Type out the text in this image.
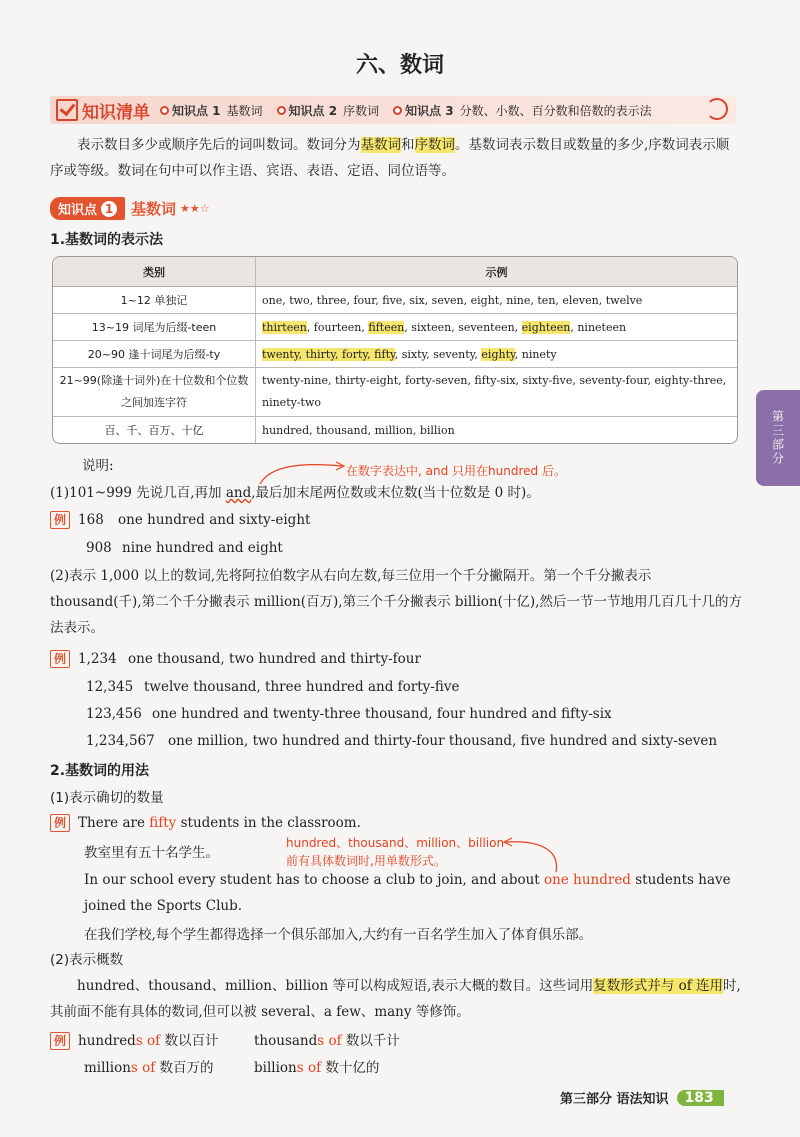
六、数词
知识清单 知识点 1 基数词 知识点 2 序数词 知识点 3 分数、小数、百分数和倍数的表示法
表示数目多少或顺序先后的词叫数词。数词分为基数词和序数词。基数词表示数目或数量的多少,序数词表示顺序或等级。数词在句中可以作主语、宾语、表语、定语、同位语等。
知识点 1 基数词 ★★☆
1.基数词的表示法
类别	示例
1~12 单独记	one, two, three, four, five, six, seven, eight, nine, ten, eleven, twelve
13~19 词尾为后缀-teen	thirteen, fourteen, fifteen, sixteen, seventeen, eighteen, nineteen
20~90 逢十词尾为后缀-ty	twenty, thirty, forty, fifty, sixty, seventy, eighty, ninety
21~99(除逢十词外)在十位数和个位数之间加连字符	twenty-nine, thirty-eight, forty-seven, fifty-six, sixty-five, seventy-four, eighty-three, ninety-two
百、千、百万、十亿	hundred, thousand, million, billion
说明:	在数字表达中, and 只用在hundred 后。
(1)101~999 先说几百,再加 and,最后加末尾两位数或末位数(当十位数是 0 时)。
例 168 one hundred and sixty-eight
908 nine hundred and eight
(2)表示 1,000 以上的数词,先将阿拉伯数字从右向左数,每三位用一个千分撇隔开。第一个千分撇表示 thousand(千),第二个千分撇表示 million(百万),第三个千分撇表示 billion(十亿),然后一节一节地用几百几十几的方法表示。
例 1,234 one thousand, two hundred and thirty-four
12,345 twelve thousand, three hundred and forty-five
123,456 one hundred and twenty-three thousand, four hundred and fifty-six
1,234,567 one million, two hundred and thirty-four thousand, five hundred and sixty-seven
2.基数词的用法
(1)表示确切的数量
例 There are fifty students in the classroom.
教室里有五十名学生。
hundred、thousand、million、billion
前有具体数词时,用单数形式。
In our school every student has to choose a club to join, and about one hundred students have joined the Sports Club.
在我们学校,每个学生都得选择一个俱乐部加入,大约有一百名学生加入了体育俱乐部。
(2)表示概数
hundred、thousand、million、billion 等可以构成短语,表示大概的数目。这些词用复数形式并与 of 连用时,其前面不能有具体的数词,但可以被 several、a few、many 等修饰。
例 hundreds of 数以百计	thousands of 数以千计
millions of 数百万的	billions of 数十亿的
第三部分
第三部分 语法知识	183
